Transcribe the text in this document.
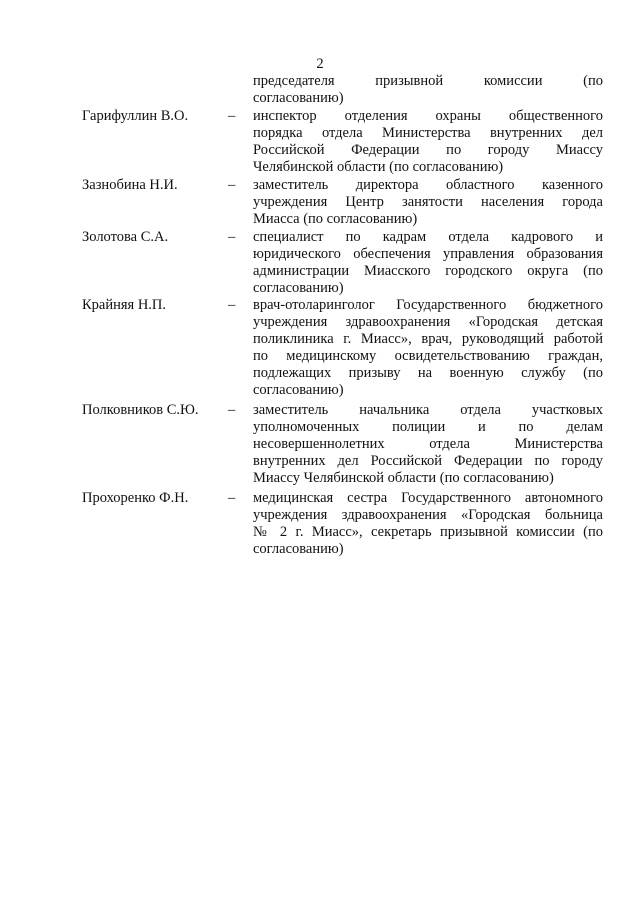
2
председателя призывной комиссии (по
согласованию)
Гарифуллин В.О.	– инспектор отделения охраны общественного
порядка отдела Министерства внутренних дел
Российской Федерации по городу Миассу
Челябинской области (по согласованию)
Зазнобина Н.И.	– заместитель директора областного казенного
учреждения Центр занятости населения города
Миасса (по согласованию)
Золотова С.А.	– специалист по кадрам отдела кадрового и
юридического обеспечения управления образования
администрации Миасского городского округа (по
согласованию)
Крайняя Н.П.	– врач-отоларинголог Государственного бюджетного
учреждения здравоохранения «Городская детская
поликлиника г. Миасс», врач, руководящий работой
по медицинскому освидетельствованию граждан,
подлежащих призыву на военную службу (по
согласованию)
Полковников С.Ю. – заместитель начальника отдела участковых
уполномоченных полиции и по делам
несовершеннолетних отдела Министерства
внутренних дел Российской Федерации по городу
Миассу Челябинской области (по согласованию)
Прохоренко Ф.Н.	– медицинская сестра Государственного автономного
учреждения здравоохранения «Городская больница
№ 2 г. Миасс», секретарь призывной комиссии (по
согласованию)
